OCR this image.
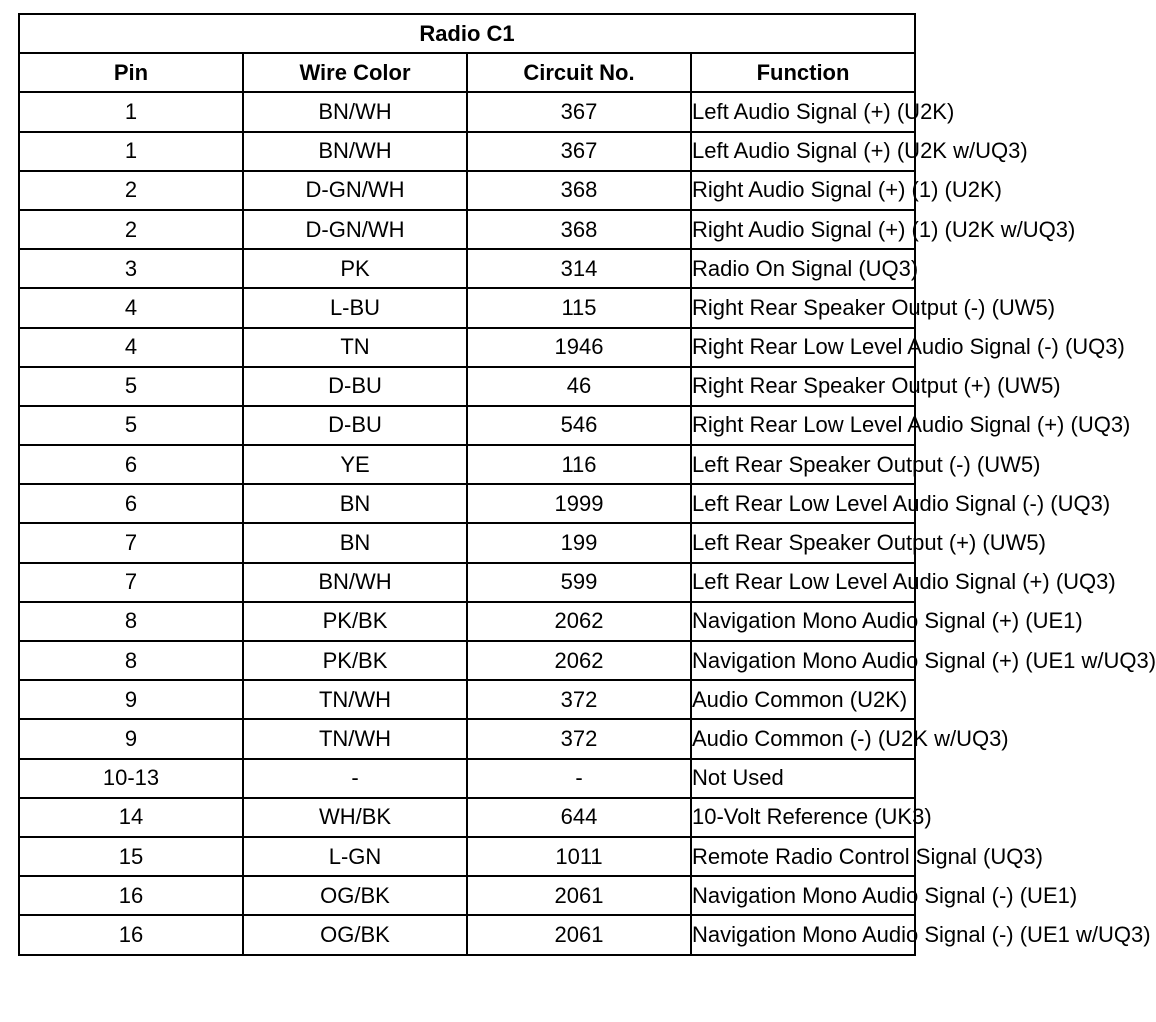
Radio C1			
Pin	Wire Color	Circuit No.	Function
1	BN/WH	367	Left Audio Signal (+) (U2K)
1	BN/WH	367	Left Audio Signal (+) (U2K w/UQ3)
2	D-GN/WH	368	Right Audio Signal (+) (1) (U2K)
2	D-GN/WH	368	Right Audio Signal (+) (1) (U2K w/UQ3)
3	PK	314	Radio On Signal (UQ3)
4	L-BU	115	Right Rear Speaker Output (-) (UW5)
4	TN	1946	Right Rear Low Level Audio Signal (-) (UQ3)
5	D-BU	46	Right Rear Speaker Output (+) (UW5)
5	D-BU	546	Right Rear Low Level Audio Signal (+) (UQ3)
6	YE	116	Left Rear Speaker Output (-) (UW5)
6	BN	1999	Left Rear Low Level Audio Signal (-) (UQ3)
7	BN	199	Left Rear Speaker Output (+) (UW5)
7	BN/WH	599	Left Rear Low Level Audio Signal (+) (UQ3)
8	PK/BK	2062	Navigation Mono Audio Signal (+) (UE1)
8	PK/BK	2062	Navigation Mono Audio Signal (+) (UE1 w/UQ3)
9	TN/WH	372	Audio Common (U2K)
9	TN/WH	372	Audio Common (-) (U2K w/UQ3)
10-13	-	-	Not Used
14	WH/BK	644	10-Volt Reference (UK3)
15	L-GN	1011	Remote Radio Control Signal (UQ3)
16	OG/BK	2061	Navigation Mono Audio Signal (-) (UE1)
16	OG/BK	2061	Navigation Mono Audio Signal (-) (UE1 w/UQ3)
